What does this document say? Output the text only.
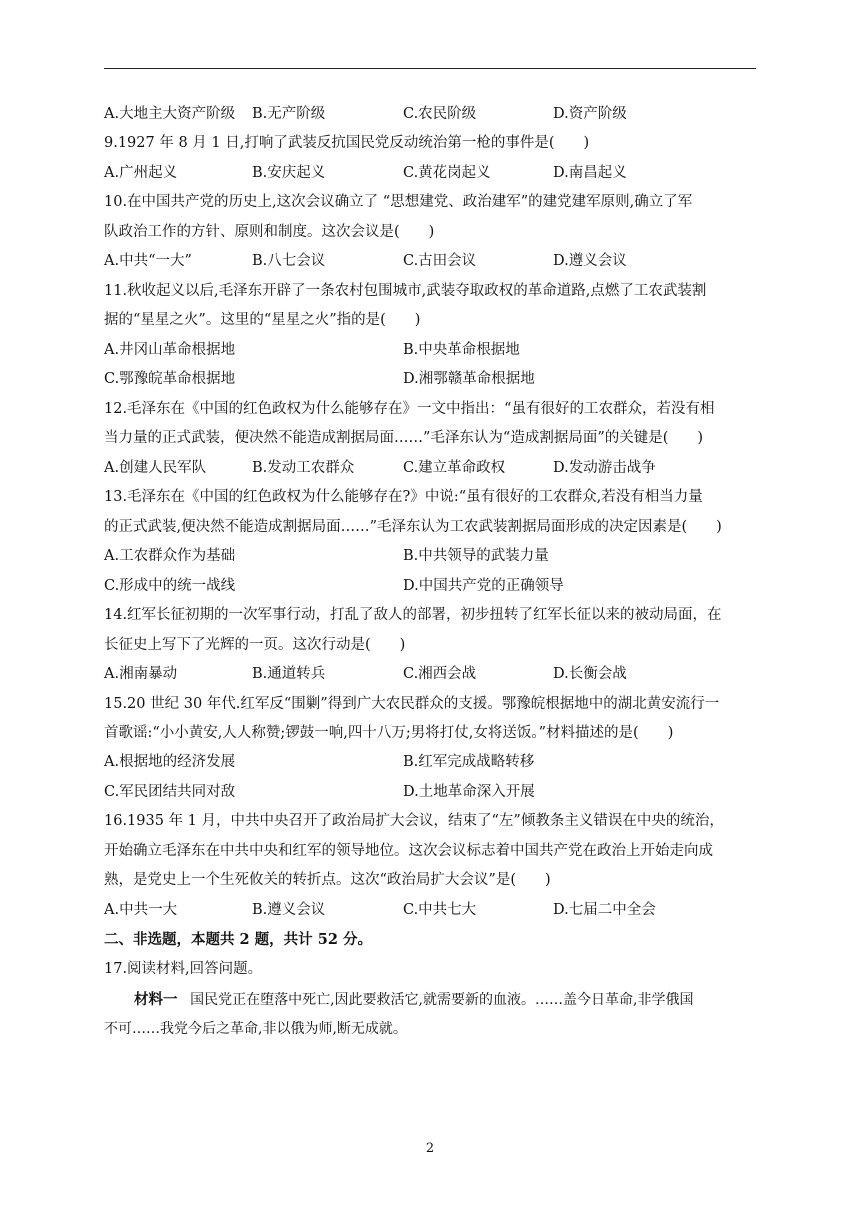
A.大地主大资产阶级 B.无产阶级	C.农民阶级	D.资产阶级
9.1927 年 8 月 1 日,打响了武装反抗国民党反动统治第一枪的事件是(　　)
A.广州起义	B.安庆起义	C.黄花岗起义	D.南昌起义
10.在中国共产党的历史上,这次会议确立了 “思想建党、政治建军”的建党建军原则,确立了军
队政治工作的方针、原则和制度。这次会议是(　　)
A.中共“一大”	B.八七会议	C.古田会议	D.遵义会议
11.秋收起义以后,毛泽东开辟了一条农村包围城市,武装夺取政权的革命道路,点燃了工农武装割
据的“星星之火”。这里的“星星之火”指的是(　　)
A.井冈山革命根据地	B.中央革命根据地
C.鄂豫皖革命根据地	D.湘鄂赣革命根据地
12.毛泽东在《中国的红色政权为什么能够存在》一文中指出：“虽有很好的工农群众，若没有相
当力量的正式武装，便决然不能造成割据局面……”毛泽东认为“造成割据局面”的关键是(　　)
A.创建人民军队	B.发动工农群众	C.建立革命政权	D.发动游击战争
13.毛泽东在《中国的红色政权为什么能够存在?》中说:“虽有很好的工农群众,若没有相当力量
的正式武装,便决然不能造成割据局面……”毛泽东认为工农武装割据局面形成的决定因素是(　　)
A.工农群众作为基础	B.中共领导的武装力量
C.形成中的统一战线	D.中国共产党的正确领导
14.红军长征初期的一次军事行动，打乱了敌人的部署，初步扭转了红军长征以来的被动局面，在
长征史上写下了光辉的一页。这次行动是(　　)
A.湘南暴动	B.通道转兵	C.湘西会战	D.长衡会战
15.20 世纪 30 年代.红军反“围剿”得到广大农民群众的支援。鄂豫皖根据地中的湖北黄安流行一
首歌谣:“小小黄安,人人称赞;锣鼓一响,四十八万;男将打仗,女将送饭。”材料描述的是(　　)
A.根据地的经济发展	B.红军完成战略转移
C.军民团结共同对敌	D.土地革命深入开展
16.1935 年 1 月，中共中央召开了政治局扩大会议，结束了“左”倾教条主义错误在中央的统治，
开始确立毛泽东在中共中央和红军的领导地位。这次会议标志着中国共产党在政治上开始走向成
熟，是党史上一个生死攸关的转折点。这次“政治局扩大会议”是(　　)
A.中共一大	B.遵义会议	C.中共七大	D.七届二中全会
二、非选题，本题共 2 题，共计 52 分。
17.阅读材料,回答问题。
材料一 国民党正在堕落中死亡,因此要救活它,就需要新的血液。……盖今日革命,非学俄国
不可……我党今后之革命,非以俄为师,断无成就。
2
